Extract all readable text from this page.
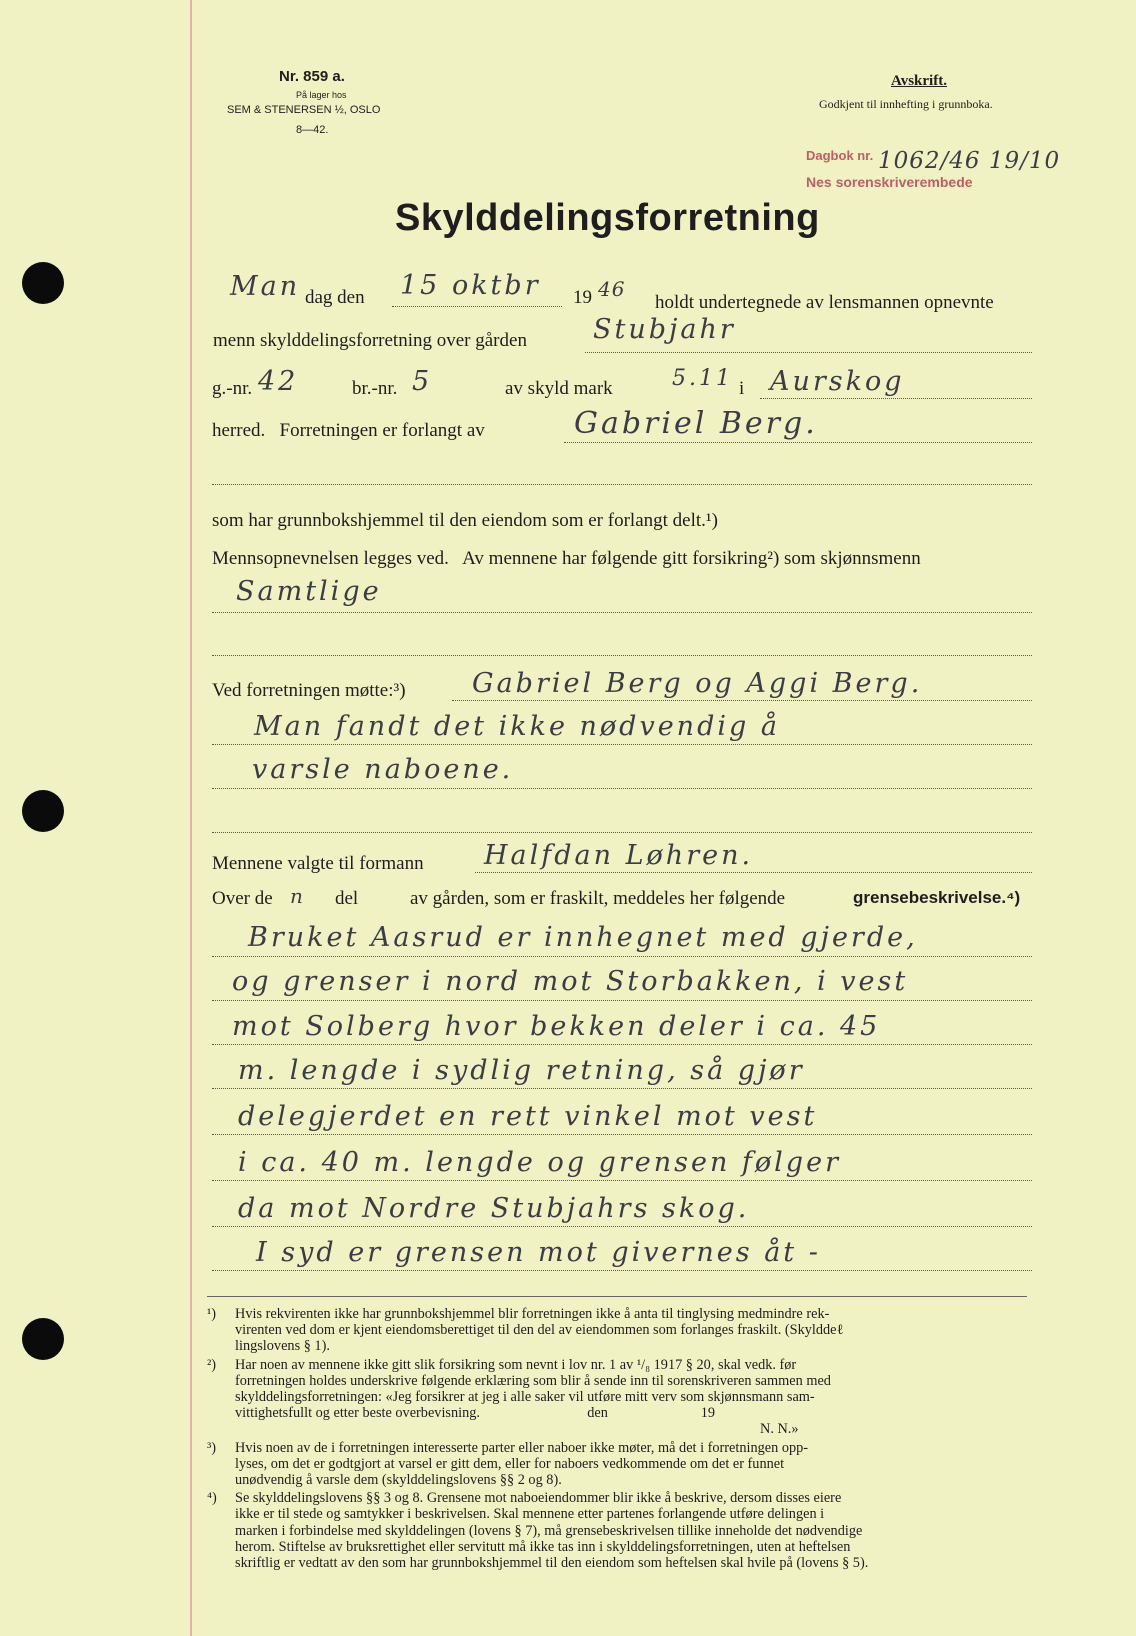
Nr. 859 a.
På lager hos
SEM & STENERSEN ½, OSLO
8—42.
Avskrift.
Godkjent til innhefting i grunnboka.
Dagbok nr.
Nes sorenskriverembede
1062/46 19/10
Skylddelingsforretning
Man dag den 15 oktbr 19 46
holdt undertegnede av lensmannen opnevnte
menn skylddelingsforretning over gården Stubjahr
g.-nr. 42	br.-nr. 5	av skyld mark	5.11 i Aurskog
herred.   Forretningen er forlangt av	Gabriel Berg.
som har grunnbokshjemmel til den eiendom som er forlangt delt.¹)
Mennsopnevnelsen legges ved.   Av mennene har følgende gitt forsikring²) som skjønnsmenn
Samtlige
Ved forretningen møtte:³) Gabriel Berg og Aggi Berg.
Man fandt det ikke nødvendig å
varsle naboene.
Mennene valgte til formann Halfdan Løhren.
Over de n del	av gården, som er fraskilt, meddeles her følgende	grensebeskrivelse.⁴)
Bruket Aasrud er innhegnet med gjerde,
og grenser i nord mot Storbakken, i vest
mot Solberg hvor bekken deler i ca. 45
m. lengde i sydlig retning, så gjør
delegjerdet en rett vinkel mot vest
i ca. 40 m. lengde og grensen følger
da mot Nordre Stubjahrs skog.
I syd er grensen mot givernes åt -
¹) Hvis rekvirenten ikke har grunnbokshjemmel blir forretningen ikke å anta til tinglysing medmindre rek-
virenten ved dom er kjent eiendomsberettiget til den del av eiendommen som forlanges fraskilt. (Skylddeℓ
lingslovens § 1).
²) Har noen av mennene ikke gitt slik forsikring som nevnt i lov nr. 1 av ¹/₈ 1917 § 20, skal vedk. før
forretningen holdes underskrive følgende erklæring som blir å sende inn til sorenskriveren sammen med
skylddelingsforretningen: «Jeg forsikrer at jeg i alle saker vil utføre mitt verv som skjønnsmann sam-
vittighetsfullt og etter beste overbevisning.                              den                          19
N. N.»
³) Hvis noen av de i forretningen interesserte parter eller naboer ikke møter, må det i forretningen opp-
lyses, om det er godtgjort at varsel er gitt dem, eller for naboers vedkommende om det er funnet
unødvendig å varsle dem (skylddelingslovens §§ 2 og 8).
⁴) Se skylddelingslovens §§ 3 og 8. Grensene mot naboeiendommer blir ikke å beskrive, dersom disses eiere
ikke er til stede og samtykker i beskrivelsen. Skal mennene etter partenes forlangende utføre delingen i
marken i forbindelse med skylddelingen (lovens § 7), må grensebeskrivelsen tillike inneholde det nødvendige
herom. Stiftelse av bruksrettighet eller servitutt må ikke tas inn i skylddelingsforretningen, uten at heftelsen
skriftlig er vedtatt av den som har grunnbokshjemmel til den eiendom som heftelsen skal hvile på (lovens § 5).
